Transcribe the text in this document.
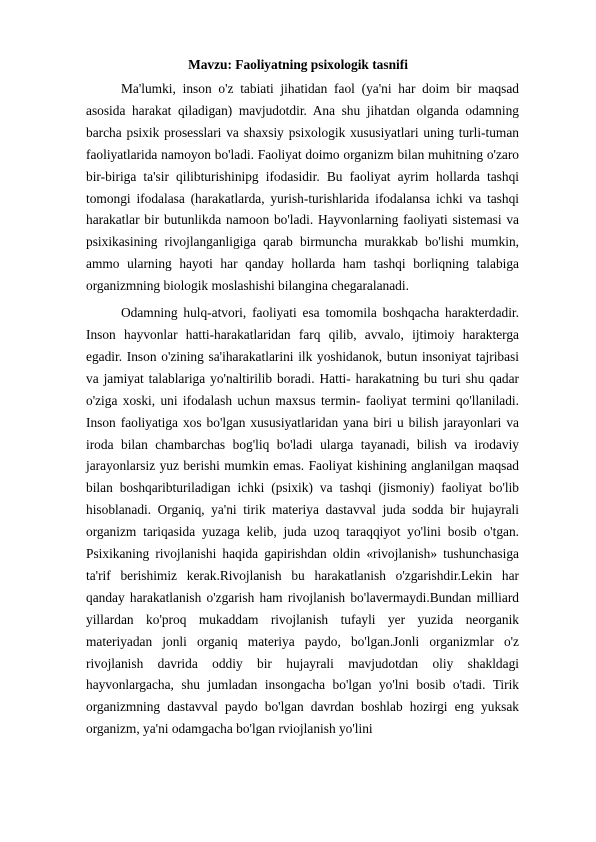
Mavzu: Faoliyatning psixologik tasnifi

Ma'lumki, inson o'z tabiati jihatidan faol (ya'ni har doim bir maqsad asosida harakat qiladigan) mavjudotdir. Ana shu jihatdan olganda odamning barcha psixik prosesslari va shaxsiy psixologik xususiyatlari uning turli-tuman faoliyatlarida namoyon bo'ladi. Faoliyat doimo organizm bilan muhitning o'zaro bir-biriga ta'sir qilibturishinipg ifodasidir. Bu faoliyat ayrim hollarda tashqi tomongi ifodalasa (harakatlarda, yurish-turishlarida ifodalansa ichki va tashqi harakatlar bir butunlikda namoon bo'ladi. Hayvonlarning faoliyati sistemasi va psixikasining rivojlanganligiga qarab birmuncha murakkab bo'lishi mumkin, ammo ularning hayoti har qanday hollarda ham tashqi borliqning talabiga organizmning biologik moslashishi bilangina chegaralanadi.

Odamning hulq-atvori, faoliyati esa tomomila boshqacha harakterdadir. Inson hayvonlar hatti-harakatlaridan farq qilib, avvalo, ijtimoiy harakterga egadir. Inson o'zining sa'iharakatlarini ilk yoshidanok, butun insoniyat tajribasi va jamiyat talablariga yo'naltirilib boradi. Hatti- harakatning bu turi shu qadar o'ziga xoski, uni ifodalash uchun maxsus termin- faoliyat termini qo'llaniladi. Inson faoliyatiga xos bo'lgan xususiyatlaridan yana biri u bilish jarayonlari va iroda bilan chambarchas bog'liq bo'ladi ularga tayanadi, bilish va irodaviy jarayonlarsiz yuz berishi mumkin emas. Faoliyat kishining anglanilgan maqsad bilan boshqaribturiladigan ichki (psixik) va tashqi (jismoniy) faoliyat bo'lib hisoblanadi. Organiq, ya'ni tirik materiya dastavval juda sodda bir hujayrali organizm tariqasida yuzaga kelib, juda uzoq taraqqiyot yo'lini bosib o'tgan. Psixikaning rivojlanishi haqida gapirishdan oldin «rivojlanish» tushunchasiga ta'rif berishimiz kerak.Rivojlanish bu harakatlanish o'zgarishdir.Lekin har qanday harakatlanish o'zgarish ham rivojlanish bo'lavermaydi.Bundan milliard yillardan ko'proq mukaddam rivojlanish tufayli yer yuzida neorganik materiyadan jonli organiq materiya paydo, bo'lgan.Jonli organizmlar o'z rivojlanish davrida oddiy bir hujayrali mavjudotdan oliy shakldagi hayvonlargacha, shu jumladan insongacha bo'lgan yo'lni bosib o'tadi. Tirik organizmning dastavval paydo bo'lgan davrdan boshlab hozirgi eng yuksak organizm, ya'ni odamgacha bo'lgan rviojlanish yo'lini
